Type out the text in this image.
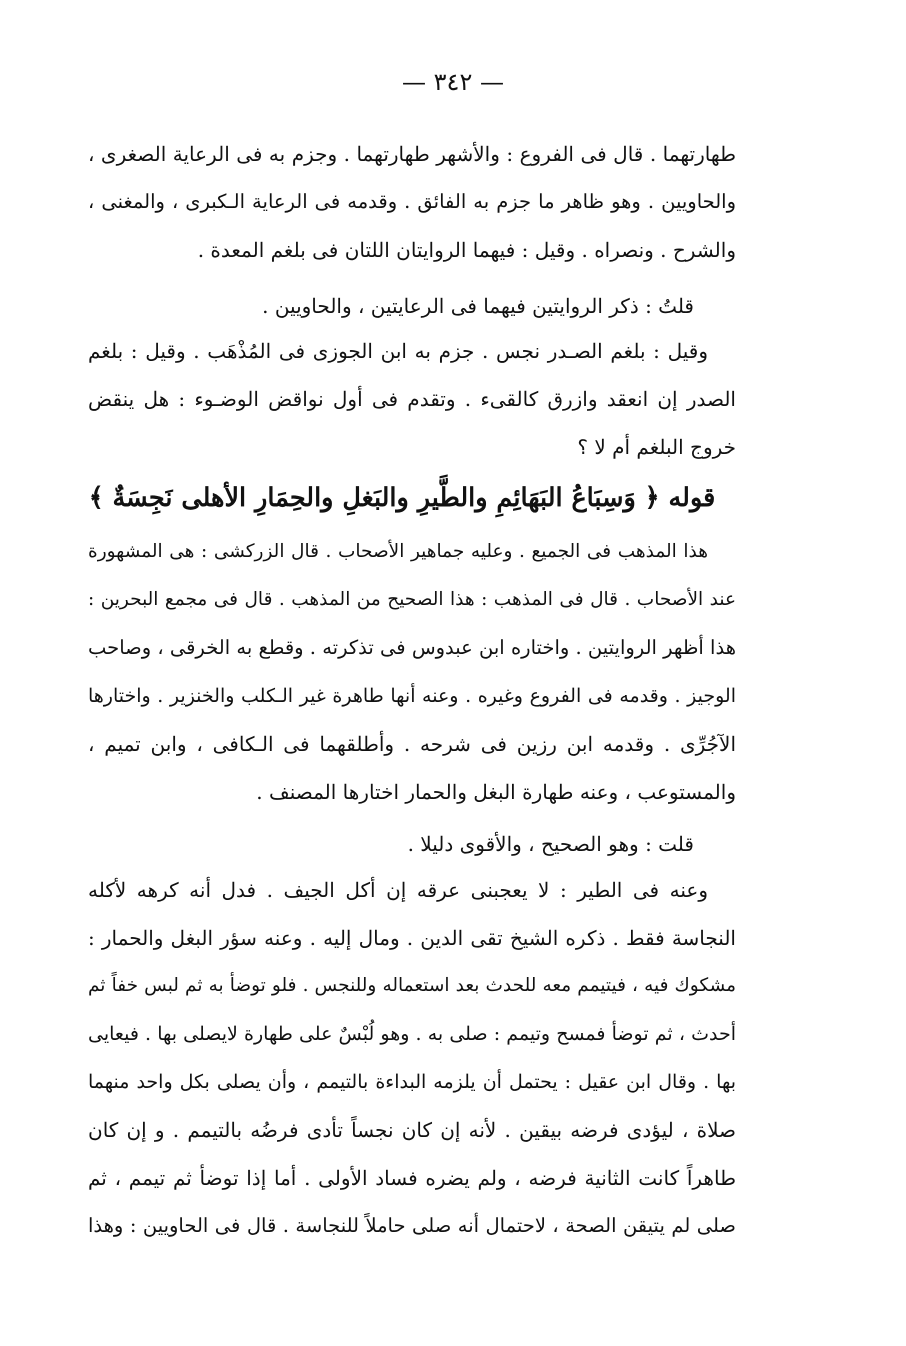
— ٣٤٢ —
طهارتهما . قال فى الفروع : والأشهر طهارتهما . وجزم به فى الرعاية الصغرى ،
والحاويين . وهو ظاهر ما جزم به الفائق . وقدمه فى الرعاية الـكبرى ، والمغنى ،
والشرح . ونصراه . وقيل : فيهما الروايتان اللتان فى بلغم المعدة .
قلتُ : ذكر الروايتين فيهما فى الرعايتين ، والحاويين .
وقيل : بلغم الصـدر نجس . جزم به ابن الجوزى فى المُذْهَب . وقيل : بلغم
الصدر إن انعقد وازرق كالقىء . وتقدم فى أول نواقض الوضـوء : هل ينقض
خروج البلغم أم لا ؟
قوله ﴿ وَسِبَاعُ البَهَائِمِ والطَّيرِ والبَغلِ والحِمَارِ الأهلى نَجِسَةٌ ﴾
هذا المذهب فى الجميع . وعليه جماهير الأصحاب . قال الزركشى : هى المشهورة
عند الأصحاب . قال فى المذهب : هذا الصحيح من المذهب . قال فى مجمع البحرين :
هذا أظهر الروايتين . واختاره ابن عبدوس فى تذكرته . وقطع به الخرقى ، وصاحب
الوجيز . وقدمه فى الفروع وغيره . وعنه أنها طاهرة غير الـكلب والخنزير . واختارها
الآجُرِّى . وقدمه ابن رزين فى شرحه . وأطلقهما فى الـكافى ، وابن تميم ،
والمستوعب ، وعنه طهارة البغل والحمار اختارها المصنف .
قلت : وهو الصحيح ، والأقوى دليلا .
وعنه فى الطير : لا يعجبنى عرقه إن أكل الجيف . فدل أنه كرهه لأكله
النجاسة فقط . ذكره الشيخ تقى الدين . ومال إليه . وعنه سؤر البغل والحمار :
مشكوك فيه ، فيتيمم معه للحدث بعد استعماله وللنجس . فلو توضأ به ثم لبس خفاً ثم
أحدث ، ثم توضأ فمسح وتيمم : صلى به . وهو لُبْسٌ على طهارة لايصلى بها . فيعايى
بها . وقال ابن عقيل : يحتمل أن يلزمه البداءة بالتيمم ، وأن يصلى بكل واحد منهما
صلاة ، ليؤدى فرضه بيقين . لأنه إن كان نجساً تأدى فرضُه بالتيمم . و إن كان
طاهراً كانت الثانية فرضه ، ولم يضره فساد الأولى . أما إذا توضأ ثم تيمم ، ثم
صلى لم يتيقن الصحة ، لاحتمال أنه صلى حاملاً للنجاسة . قال فى الحاويين : وهذا
